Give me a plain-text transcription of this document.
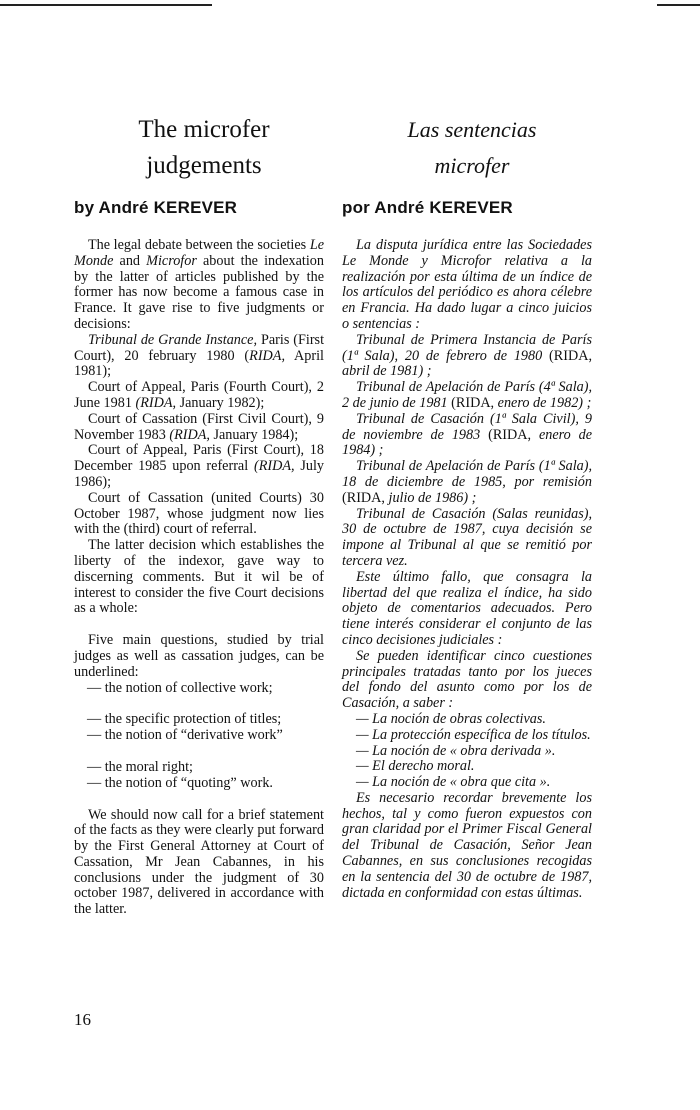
The microfer
judgements
by André KEREVER

The legal debate between the societies Le Monde and Microfor about the indexation by the latter of articles published by the former has now become a famous case in France. It gave rise to five judgments or decisions:

Tribunal de Grande Instance, Paris (First Court), 20 february 1980 (RIDA, April 1981);

Court of Appeal, Paris (Fourth Court), 2 June 1981 (RIDA, January 1982);

Court of Cassation (First Civil Court), 9 November 1983 (RIDA, January 1984);

Court of Appeal, Paris (First Court), 18 December 1985 upon referral (RIDA, July 1986);

Court of Cassation (united Courts) 30 October 1987, whose judgment now lies with the (third) court of referral.

The latter decision which establishes the liberty of the indexor, gave way to discerning comments. But it wil be of interest to consider the five Court decisions as a whole:

Five main questions, studied by trial judges as well as cassation judges, can be underlined:

— the notion of collective work;

— the specific protection of titles;

— the notion of “derivative work”

— the moral right;

— the notion of “quoting” work.

We should now call for a brief statement of the facts as they were clearly put forward by the First General Attorney at Court of Cassation, Mr Jean Cabannes, in his conclusions under the judgment of 30 october 1987, delivered in accordance with the latter.

Las sentencias
microfer
por André KEREVER

La disputa jurídica entre las Sociedades Le Monde y Microfor relativa a la realización por esta última de un índice de los artículos del periódico es ahora célebre en Francia. Ha dado lugar a cinco juicios o sentencias :

Tribunal de Primera Instancia de París (1ª Sala), 20 de febrero de 1980 (RIDA, abril de 1981) ;

Tribunal de Apelación de París (4ª Sala), 2 de junio de 1981 (RIDA, enero de 1982) ;

Tribunal de Casación (1ª Sala Civil), 9 de noviembre de 1983 (RIDA, enero de 1984) ;

Tribunal de Apelación de París (1ª Sala), 18 de diciembre de 1985, por remisión (RIDA, julio de 1986) ;

Tribunal de Casación (Salas reunidas), 30 de octubre de 1987, cuya decisión se impone al Tribunal al que se remitió por tercera vez.

Este último fallo, que consagra la libertad del que realiza el índice, ha sido objeto de comentarios adecuados. Pero tiene interés considerar el conjunto de las cinco decisiones judiciales :

Se pueden identificar cinco cuestiones principales tratadas tanto por los jueces del fondo del asunto como por los de Casación, a saber :

— La noción de obras colectivas.

— La protección específica de los títulos.

— La noción de « obra derivada ».

— El derecho moral.

— La noción de « obra que cita ».

Es necesario recordar brevemente los hechos, tal y como fueron expuestos con gran claridad por el Primer Fiscal General del Tribunal de Casación, Señor Jean Cabannes, en sus conclusiones recogidas en la sentencia del 30 de octubre de 1987, dictada en conformidad con estas últimas.

16
